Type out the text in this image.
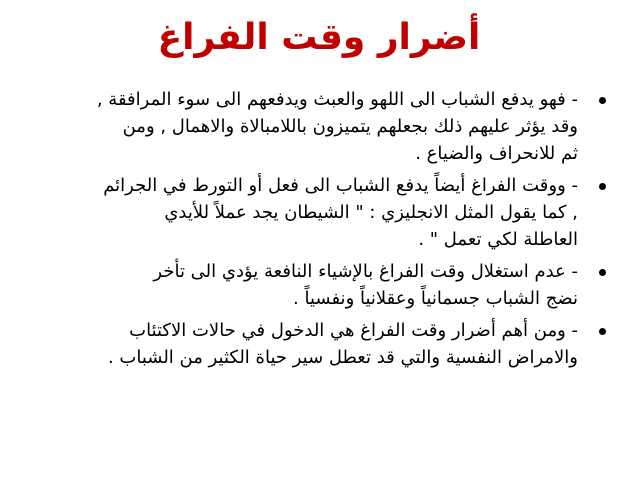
أضرار وقت الفراغ
- فهو يدفع الشباب الى اللهو والعبث ويدفعهم الى سوء المرافقة ,
وقد يؤثر عليهم ذلك بجعلهم يتميزون باللامبالاة والاهمال , ومن
ثم للانحراف والضياع .
- ووقت الفراغ أيضاً يدفع الشباب الى فعل أو التورط في الجرائم
, كما يقول المثل الانجليزي : " الشيطان يجد عملاً للأيدي
العاطلة لكي تعمل " .
- عدم استغلال وقت الفراغ بالإشياء النافعة يؤدي الى تأخر
نضج الشباب جسمانياً وعقلانياً ونفسياً .
- ومن أهم أضرار وقت الفراغ هي الدخول في حالات الاكتئاب
والامراض النفسية والتي قد تعطل سير حياة الكثير من الشباب .
